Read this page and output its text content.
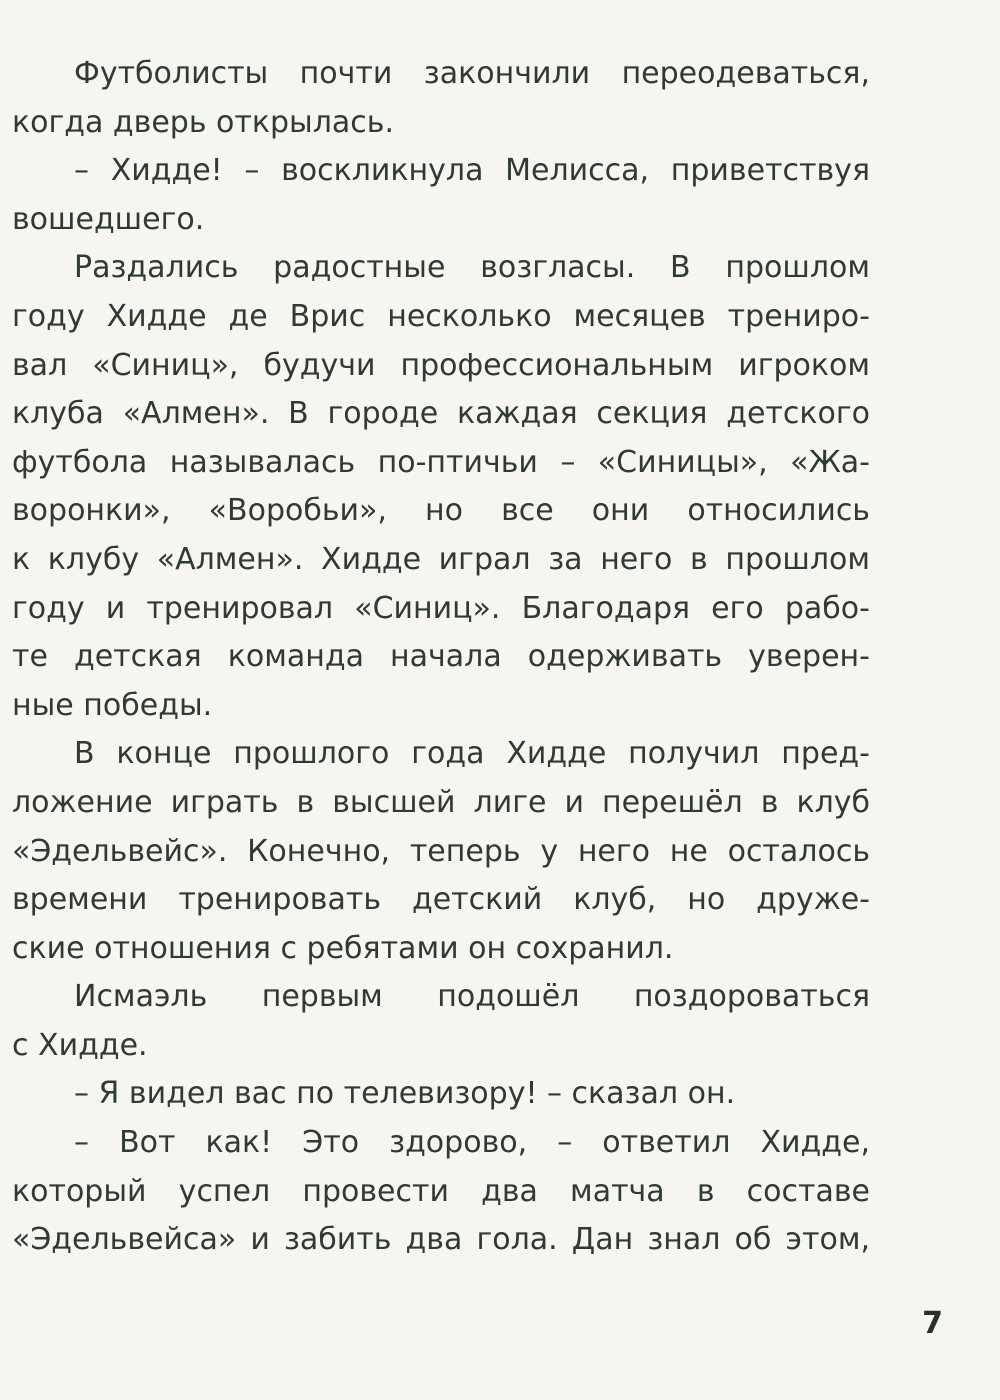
Футболисты почти закончили переодеваться,
когда дверь открылась.
– Хидде! – воскликнула Мелисса, приветствуя
вошедшего.
Раздались радостные возгласы. В прошлом
году Хидде де Врис несколько месяцев трениро-
вал «Синиц», будучи профессиональным игроком
клуба «Алмен». В городе каждая секция детского
футбола называлась по-птичьи – «Синицы», «Жа-
воронки», «Воробьи», но все они относились
к клубу «Алмен». Хидде играл за него в прошлом
году и тренировал «Синиц». Благодаря его рабо-
те детская команда начала одерживать уверен-
ные победы.
В конце прошлого года Хидде получил пред-
ложение играть в высшей лиге и перешёл в клуб
«Эдельвейс». Конечно, теперь у него не осталось
времени тренировать детский клуб, но друже-
ские отношения с ребятами он сохранил.
Исмаэль первым подошёл поздороваться
с Хидде.
– Я видел вас по телевизору! – сказал он.
– Вот как! Это здорово, – ответил Хидде,
который успел провести два матча в составе
«Эдельвейса» и забить два гола. Дан знал об этом,
7
